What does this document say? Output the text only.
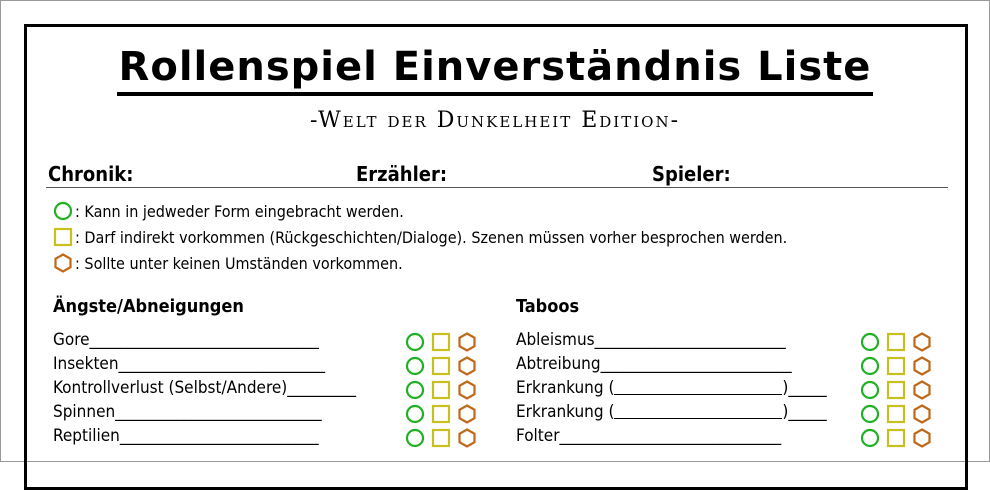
Rollenspiel Einverständnis Liste
-Welt der Dunkelheit Edition-
Chronik:	Erzähler:	Spieler:
: Kann in jedweder Form eingebracht werden.
: Darf indirekt vorkommen (Rückgeschichten/Dialoge). Szenen müssen vorher besprochen werden.
: Sollte unter keinen Umständen vorkommen.
Ängste/Abneigungen	Taboos
Gore______________________________
Insekten___________________________
Kontrollverlust (Selbst/Andere)_________
Spinnen___________________________
Reptilien__________________________
Ableismus_________________________
Abtreibung_________________________
Erkrankung (	)_____
Erkrankung (	)_____
Folter_____________________________
